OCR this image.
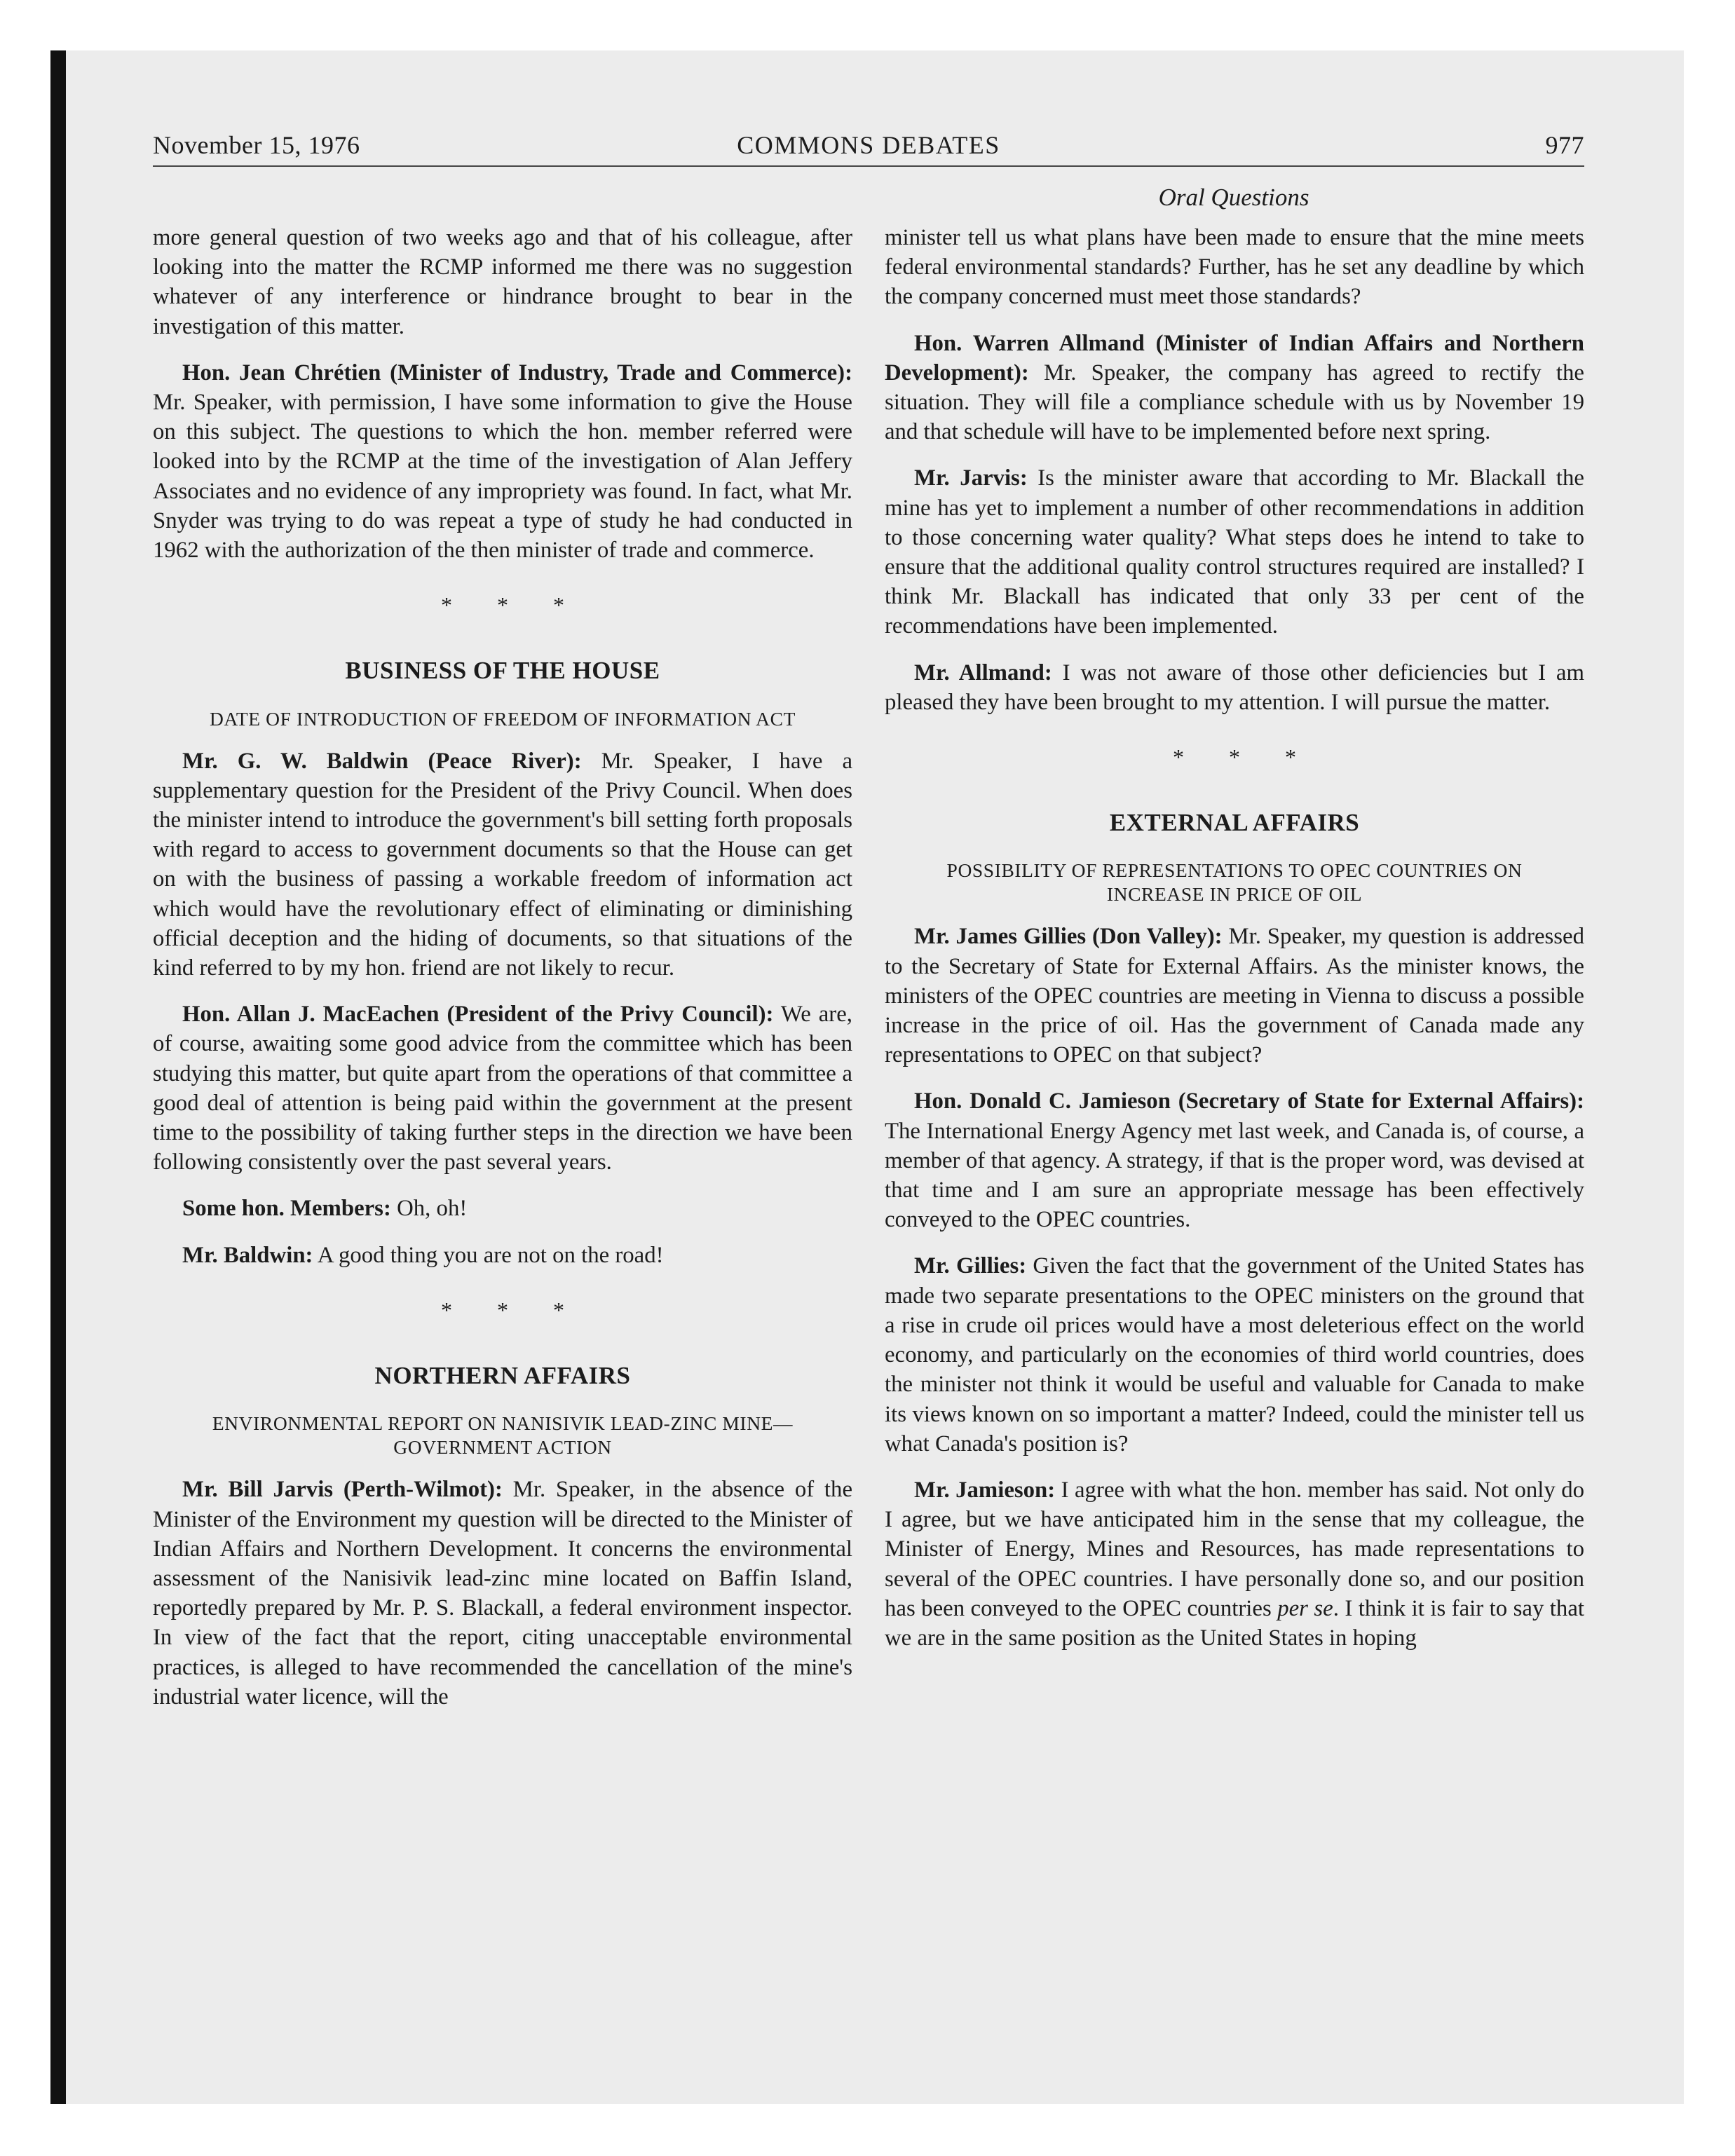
November 15, 1976	COMMONS DEBATES	977
Oral Questions

more general question of two weeks ago and that of his colleague, after looking into the matter the RCMP informed me there was no suggestion whatever of any interference or hindrance brought to bear in the investigation of this matter.

Hon. Jean Chrétien (Minister of Industry, Trade and Commerce): Mr. Speaker, with permission, I have some information to give the House on this subject. The questions to which the hon. member referred were looked into by the RCMP at the time of the investigation of Alan Jeffery Associates and no evidence of any impropriety was found. In fact, what Mr. Snyder was trying to do was repeat a type of study he had conducted in 1962 with the authorization of the then minister of trade and commerce.

* * *
BUSINESS OF THE HOUSE
DATE OF INTRODUCTION OF FREEDOM OF INFORMATION ACT

Mr. G. W. Baldwin (Peace River): Mr. Speaker, I have a supplementary question for the President of the Privy Council. When does the minister intend to introduce the government's bill setting forth proposals with regard to access to government documents so that the House can get on with the business of passing a workable freedom of information act which would have the revolutionary effect of eliminating or diminishing official deception and the hiding of documents, so that situations of the kind referred to by my hon. friend are not likely to recur.

Hon. Allan J. MacEachen (President of the Privy Council): We are, of course, awaiting some good advice from the committee which has been studying this matter, but quite apart from the operations of that committee a good deal of attention is being paid within the government at the present time to the possibility of taking further steps in the direction we have been following consistently over the past several years.

Some hon. Members: Oh, oh!

Mr. Baldwin: A good thing you are not on the road!

* * *
NORTHERN AFFAIRS
ENVIRONMENTAL REPORT ON NANISIVIK LEAD-ZINC MINE—GOVERNMENT ACTION

Mr. Bill Jarvis (Perth-Wilmot): Mr. Speaker, in the absence of the Minister of the Environment my question will be directed to the Minister of Indian Affairs and Northern Development. It concerns the environmental assessment of the Nanisivik lead-zinc mine located on Baffin Island, reportedly prepared by Mr. P. S. Blackall, a federal environment inspector. In view of the fact that the report, citing unacceptable environmental practices, is alleged to have recommended the cancellation of the mine's industrial water licence, will the

minister tell us what plans have been made to ensure that the mine meets federal environmental standards? Further, has he set any deadline by which the company concerned must meet those standards?

Hon. Warren Allmand (Minister of Indian Affairs and Northern Development): Mr. Speaker, the company has agreed to rectify the situation. They will file a compliance schedule with us by November 19 and that schedule will have to be implemented before next spring.

Mr. Jarvis: Is the minister aware that according to Mr. Blackall the mine has yet to implement a number of other recommendations in addition to those concerning water quality? What steps does he intend to take to ensure that the additional quality control structures required are installed? I think Mr. Blackall has indicated that only 33 per cent of the recommendations have been implemented.

Mr. Allmand: I was not aware of those other deficiencies but I am pleased they have been brought to my attention. I will pursue the matter.

* * *
EXTERNAL AFFAIRS
POSSIBILITY OF REPRESENTATIONS TO OPEC COUNTRIES ON INCREASE IN PRICE OF OIL

Mr. James Gillies (Don Valley): Mr. Speaker, my question is addressed to the Secretary of State for External Affairs. As the minister knows, the ministers of the OPEC countries are meeting in Vienna to discuss a possible increase in the price of oil. Has the government of Canada made any representations to OPEC on that subject?

Hon. Donald C. Jamieson (Secretary of State for External Affairs): The International Energy Agency met last week, and Canada is, of course, a member of that agency. A strategy, if that is the proper word, was devised at that time and I am sure an appropriate message has been effectively conveyed to the OPEC countries.

Mr. Gillies: Given the fact that the government of the United States has made two separate presentations to the OPEC ministers on the ground that a rise in crude oil prices would have a most deleterious effect on the world economy, and particularly on the economies of third world countries, does the minister not think it would be useful and valuable for Canada to make its views known on so important a matter? Indeed, could the minister tell us what Canada's position is?

Mr. Jamieson: I agree with what the hon. member has said. Not only do I agree, but we have anticipated him in the sense that my colleague, the Minister of Energy, Mines and Resources, has made representations to several of the OPEC countries. I have personally done so, and our position has been conveyed to the OPEC countries per se. I think it is fair to say that we are in the same position as the United States in hoping
